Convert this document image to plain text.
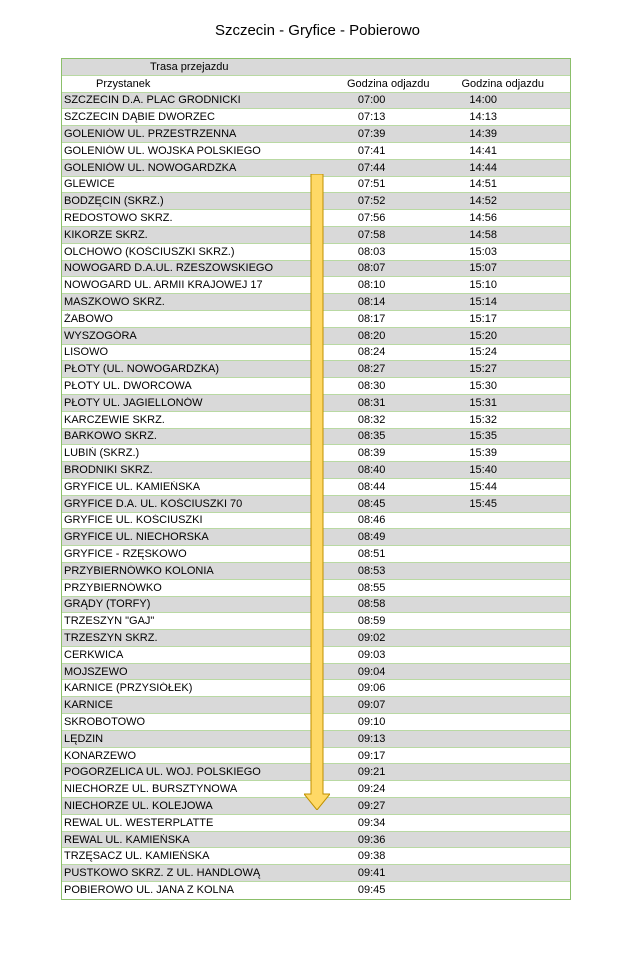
Szczecin - Gryfice - Pobierowo
Trasa przejazdu
Przystanek	Godzina odjazdu	Godzina odjazdu
SZCZECIN D.A. PLAC GRODNICKI	07:00	14:00
SZCZECIN DĄBIE DWORZEC	07:13	14:13
GOLENIÓW UL. PRZESTRZENNA	07:39	14:39
GOLENIÓW UL. WOJSKA POLSKIEGO	07:41	14:41
GOLENIÓW UL. NOWOGARDZKA	07:44	14:44
GLEWICE	07:51	14:51
BODZĘCIN (SKRZ.)	07:52	14:52
REDOSTOWO SKRZ.	07:56	14:56
KIKORZE SKRZ.	07:58	14:58
OLCHOWO (KOŚCIUSZKI SKRZ.)	08:03	15:03
NOWOGARD D.A.UL. RZESZOWSKIEGO	08:07	15:07
NOWOGARD UL. ARMII KRAJOWEJ 17	08:10	15:10
MASZKOWO SKRZ.	08:14	15:14
ŻABOWO	08:17	15:17
WYSZOGÓRA	08:20	15:20
LISOWO	08:24	15:24
PŁOTY (UL. NOWOGARDZKA)	08:27	15:27
PŁOTY UL. DWORCOWA	08:30	15:30
PŁOTY UL. JAGIELLONÓW	08:31	15:31
KARCZEWIE SKRZ.	08:32	15:32
BARKOWO SKRZ.	08:35	15:35
LUBIŃ (SKRZ.)	08:39	15:39
BRODNIKI SKRZ.	08:40	15:40
GRYFICE UL. KAMIEŃSKA	08:44	15:44
GRYFICE D.A. UL. KOŚCIUSZKI 70	08:45	15:45
GRYFICE UL. KOŚCIUSZKI	08:46
GRYFICE UL. NIECHORSKA	08:49
GRYFICE - RZĘSKOWO	08:51
PRZYBIERNÓWKO KOLONIA	08:53
PRZYBIERNÓWKO	08:55
GRĄDY (TORFY)	08:58
TRZESZYN "GAJ"	08:59
TRZESZYN SKRZ.	09:02
CERKWICA	09:03
MOJSZEWO	09:04
KARNICE (PRZYSIÓŁEK)	09:06
KARNICE	09:07
SKROBOTOWO	09:10
LĘDZIN	09:13
KONARZEWO	09:17
POGORZELICA UL. WOJ. POLSKIEGO	09:21
NIECHORZE UL. BURSZTYNOWA	09:24
NIECHORZE UL. KOLEJOWA	09:27
REWAL UL. WESTERPLATTE	09:34
REWAL UL. KAMIEŃSKA	09:36
TRZĘSACZ UL. KAMIEŃSKA	09:38
PUSTKOWO SKRZ. Z UL. HANDLOWĄ	09:41
POBIEROWO UL. JANA Z KOLNA	09:45
